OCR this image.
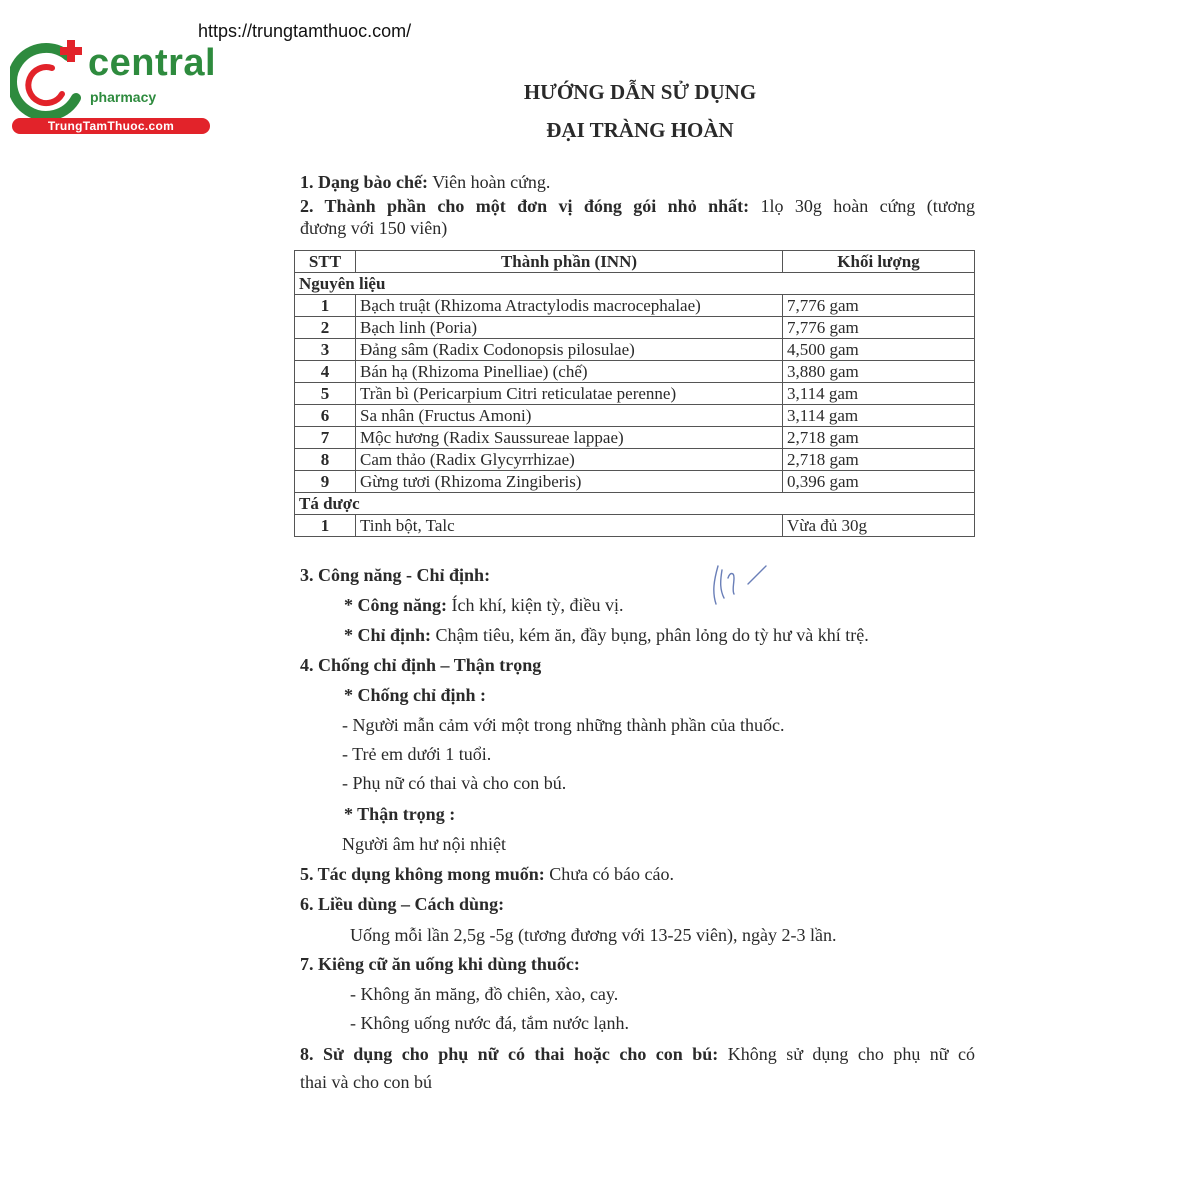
https://trungtamthuoc.com/
central
pharmacy
TrungTamThuoc.com
HƯỚNG DẪN SỬ DỤNG
ĐẠI TRÀNG HOÀN
1. Dạng bào chế: Viên hoàn cứng.
2. Thành phần cho một đơn vị đóng gói nhỏ nhất: 1lọ 30g hoàn cứng (tương
đương với 150 viên)
STT	Thành phần (INN)	Khối lượng
Nguyên liệu		
1	Bạch truật (Rhizoma Atractylodis macrocephalae)	7,776 gam
2	Bạch linh (Poria)	7,776 gam
3	Đảng sâm (Radix Codonopsis pilosulae)	4,500 gam
4	Bán hạ (Rhizoma Pinelliae) (chế)	3,880 gam
5	Trần bì (Pericarpium Citri reticulatae perenne)	3,114 gam
6	Sa nhân (Fructus Amoni)	3,114 gam
7	Mộc hương (Radix Saussureae lappae)	2,718 gam
8	Cam thảo (Radix Glycyrrhizae)	2,718 gam
9	Gừng tươi (Rhizoma Zingiberis)	0,396 gam
Tá dược		
1	Tinh bột, Talc	Vừa đủ 30g
3. Công năng - Chỉ định:
* Công năng: Ích khí, kiện tỳ, điều vị.
* Chỉ định: Chậm tiêu, kém ăn, đầy bụng, phân lỏng do tỳ hư và khí trệ.
4. Chống chỉ định – Thận trọng
* Chống chỉ định :
- Người mẫn cảm với một trong những thành phần của thuốc.
- Trẻ em dưới 1 tuổi.
- Phụ nữ có thai và cho con bú.
* Thận trọng :
Người âm hư nội nhiệt
5. Tác dụng không mong muốn: Chưa có báo cáo.
6. Liều dùng – Cách dùng:
Uống mỗi lần 2,5g -5g (tương đương với 13-25 viên), ngày 2-3 lần.
7. Kiêng cữ ăn uống khi dùng thuốc:
- Không ăn măng, đồ chiên, xào, cay.
- Không uống nước đá, tắm nước lạnh.
8. Sử dụng cho phụ nữ có thai hoặc cho con bú: Không sử dụng cho phụ nữ có
thai và cho con bú
